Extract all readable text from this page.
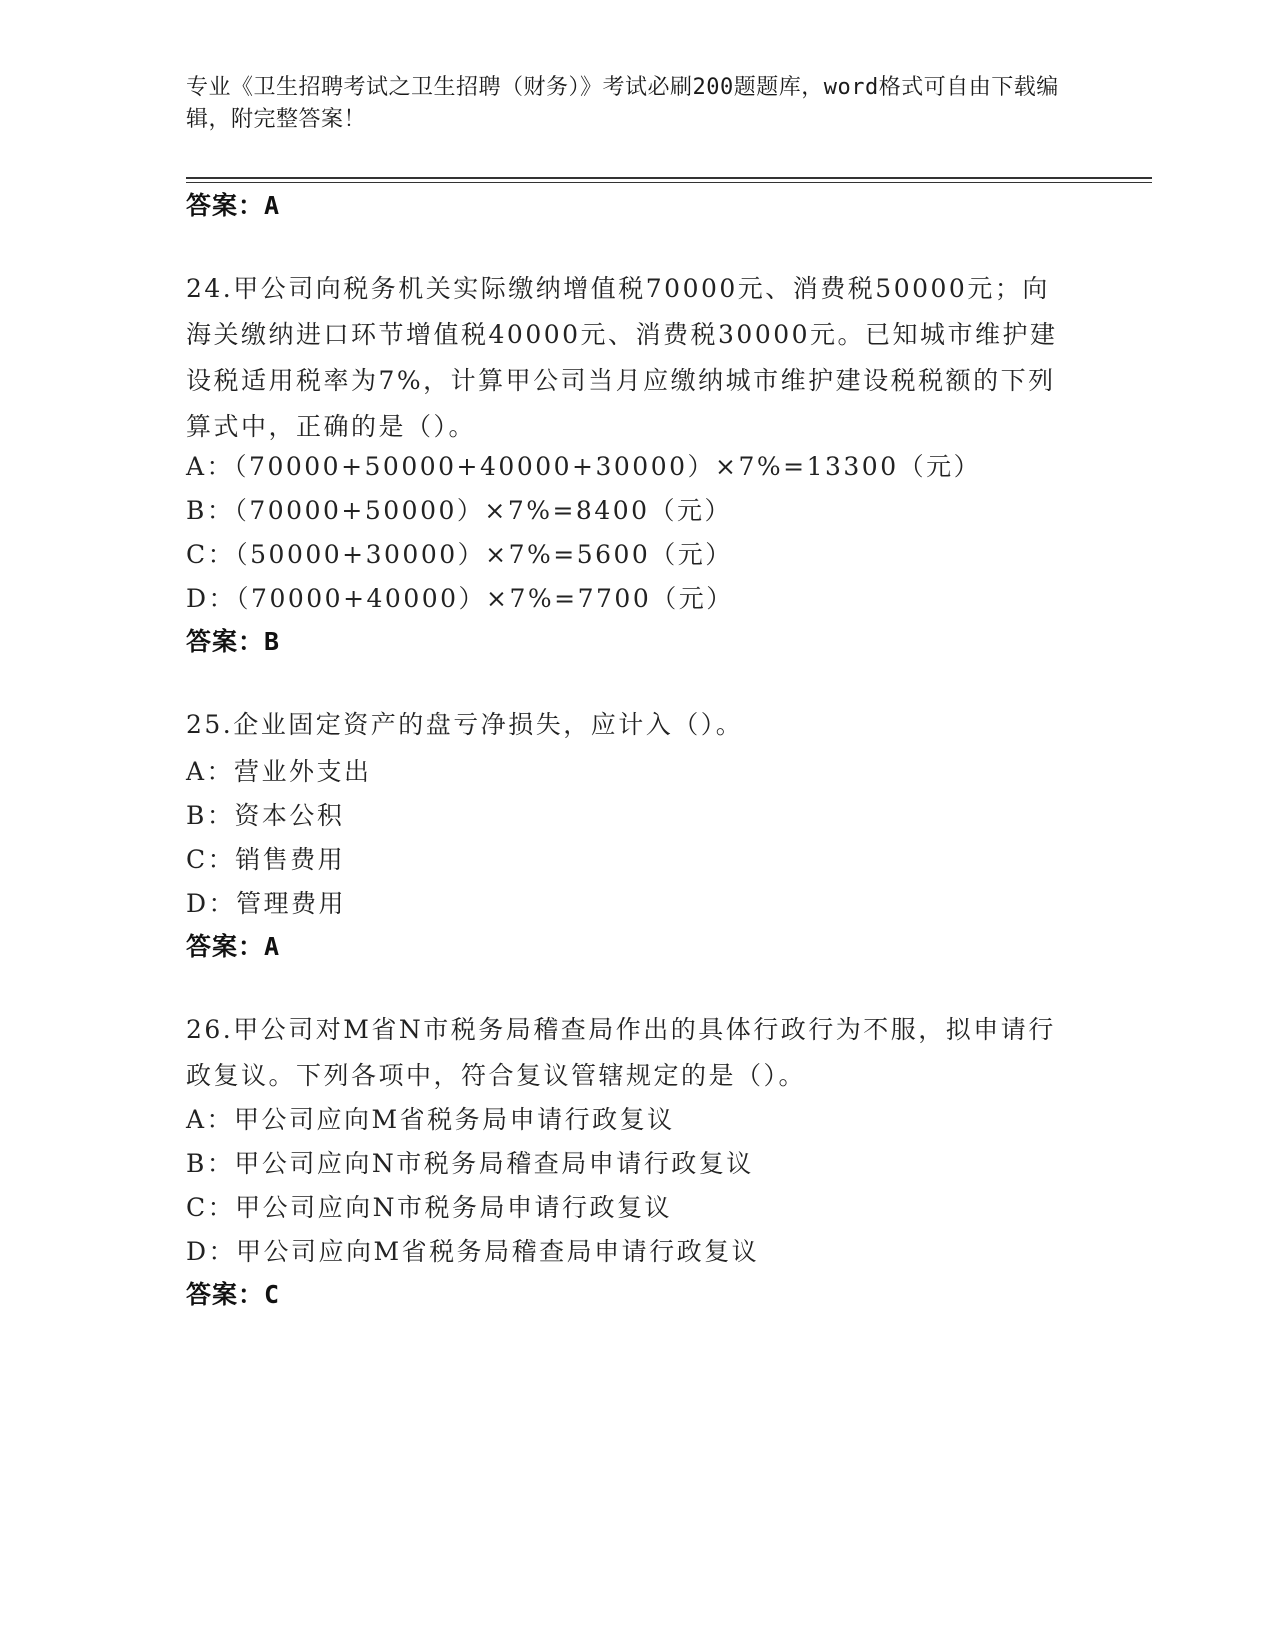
专业《卫生招聘考试之卫生招聘（财务）》考试必刷200题题库，word格式可自由下载编辑，附完整答案！
答案：A
24.甲公司向税务机关实际缴纳增值税70000元、消费税50000元；向海关缴纳进口环节增值税40000元、消费税30000元。已知城市维护建设税适用税率为7%，计算甲公司当月应缴纳城市维护建设税税额的下列算式中，正确的是（）。
A：（70000+50000+40000+30000）×7%=13300（元）
B：（70000+50000）×7%=8400（元）
C：（50000+30000）×7%=5600（元）
D：（70000+40000）×7%=7700（元）
答案：B
25.企业固定资产的盘亏净损失，应计入（）。
A：营业外支出
B：资本公积
C：销售费用
D：管理费用
答案：A
26.甲公司对M省N市税务局稽查局作出的具体行政行为不服，拟申请行政复议。下列各项中，符合复议管辖规定的是（）。
A：甲公司应向M省税务局申请行政复议
B：甲公司应向N市税务局稽查局申请行政复议
C：甲公司应向N市税务局申请行政复议
D：甲公司应向M省税务局稽查局申请行政复议
答案：C
